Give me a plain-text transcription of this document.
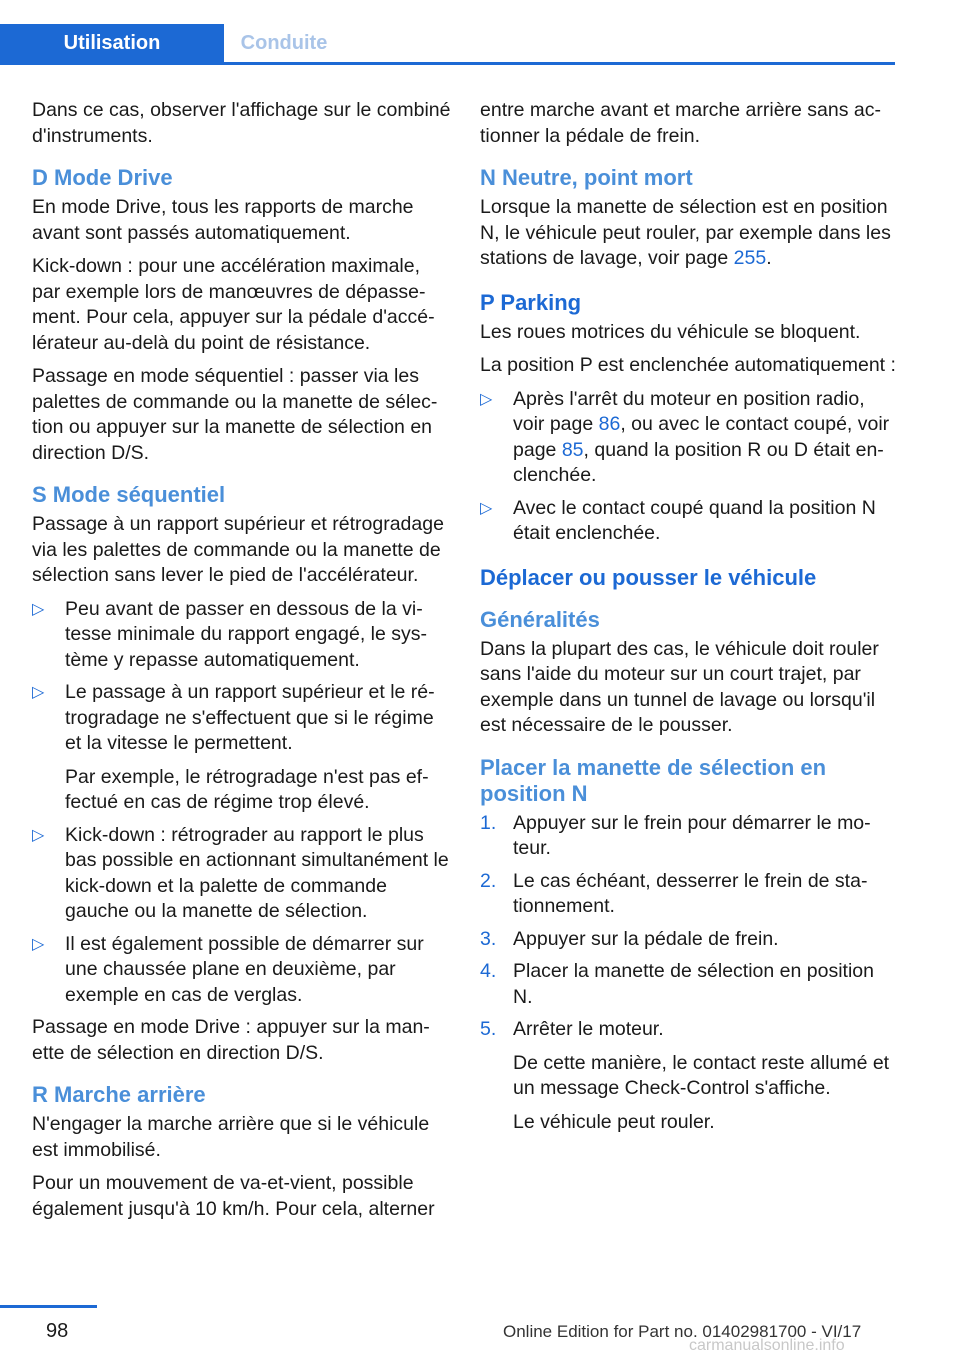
Utilisation	Conduite

Dans ce cas, observer l'affichage sur le combiné d'instruments.

D Mode Drive

En mode Drive, tous les rapports de marche avant sont passés automatiquement.

Kick-down : pour une accélération maximale, par exemple lors de manœuvres de dépassement. Pour cela, appuyer sur la pédale d'accélérateur au-delà du point de résistance.

Passage en mode séquentiel : passer via les palettes de commande ou la manette de sélection ou appuyer sur la manette de sélection en direction D/S.

S Mode séquentiel

Passage à un rapport supérieur et rétrogradage via les palettes de commande ou la manette de sélection sans lever le pied de l'accélérateur.

▷ Peu avant de passer en dessous de la vitesse minimale du rapport engagé, le système y repasse automatiquement.
▷ Le passage à un rapport supérieur et le rétrogradage ne s'effectuent que si le régime et la vitesse le permettent.
Par exemple, le rétrogradage n'est pas effectué en cas de régime trop élevé.
▷ Kick-down : rétrograder au rapport le plus bas possible en actionnant simultanément le kick-down et la palette de commande gauche ou la manette de sélection.
▷ Il est également possible de démarrer sur une chaussée plane en deuxième, par exemple en cas de verglas.

Passage en mode Drive : appuyer sur la manette de sélection en direction D/S.

R Marche arrière

N'engager la marche arrière que si le véhicule est immobilisé.

Pour un mouvement de va-et-vient, possible également jusqu'à 10 km/h. Pour cela, alterner

entre marche avant et marche arrière sans actionner la pédale de frein.

N Neutre, point mort

Lorsque la manette de sélection est en position N, le véhicule peut rouler, par exemple dans les stations de lavage, voir page 255.

P Parking

Les roues motrices du véhicule se bloquent.

La position P est enclenchée automatiquement :

▷ Après l'arrêt du moteur en position radio, voir page 86, ou avec le contact coupé, voir page 85, quand la position R ou D était enclenchée.
▷ Avec le contact coupé quand la position N était enclenchée.
Déplacer ou pousser le véhicule
Généralités

Dans la plupart des cas, le véhicule doit rouler sans l'aide du moteur sur un court trajet, par exemple dans un tunnel de lavage ou lorsqu'il est nécessaire de le pousser.

Placer la manette de sélection en position N
1. Appuyer sur le frein pour démarrer le moteur.
2. Le cas échéant, desserrer le frein de stationnement.
3. Appuyer sur la pédale de frein.
4. Placer la manette de sélection en position N.
5. Arrêter le moteur.
De cette manière, le contact reste allumé et un message Check-Control s'affiche.
Le véhicule peut rouler.
98	Online Edition for Part no. 01402981700 - VI/17
carmanualsonline.info
